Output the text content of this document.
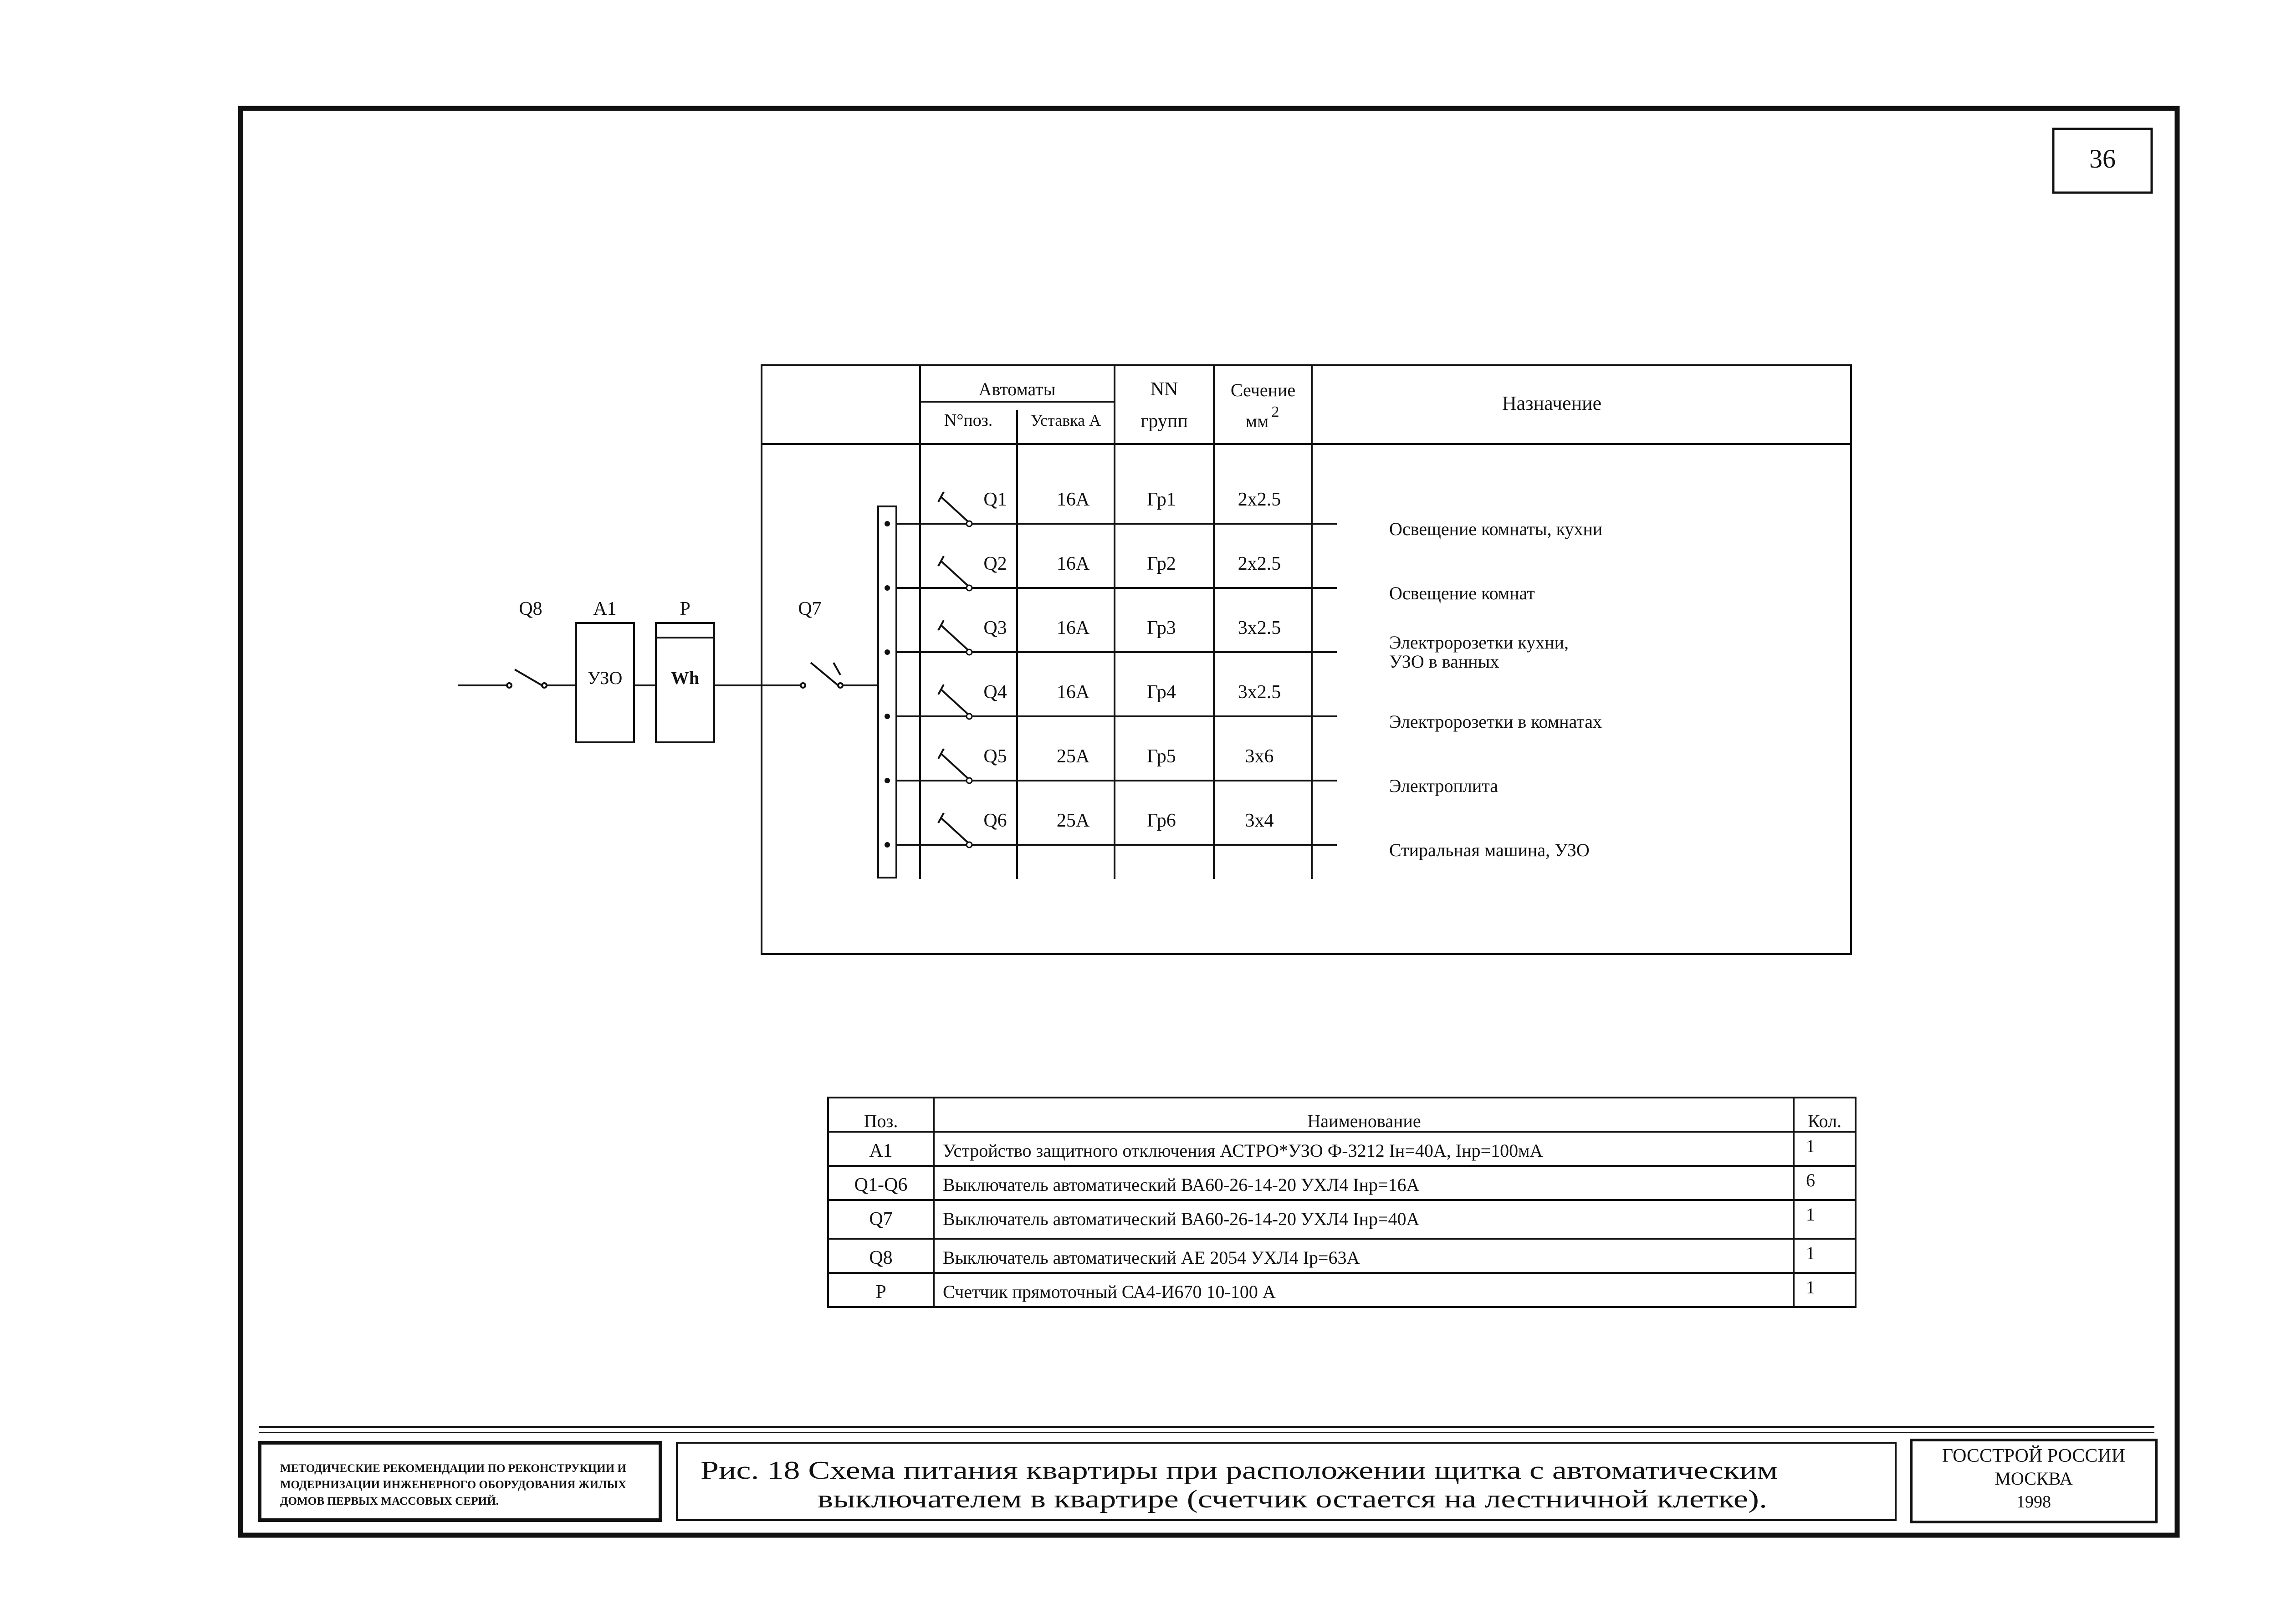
36
Автоматы
N°поз. Уставка А
NN
групп
Сечение
мм 2	Назначение
Q8	A1	P	Q7
УЗО	Wh
Q1	16А	Гр1	2х2.5
Освещение комнаты, кухни
Q2	16А	Гр2	2х2.5
Освещение комнат
Q3	16А	Гр3	3х2.5
Электророзетки кухни,
УЗО в ванных
Q4	16А	Гр4	3х2.5
Электророзетки в комнатах
Q5	25А	Гр5	3х6
Электроплита
Q6	25А	Гр6	3х4
Стиральная машина, УЗО
Поз.	Наименование	Кол.
A1	Устройство защитного отключения АСТРО*УЗО Ф-3212 Iн=40А, Iнр=100мА	1
Q1-Q6 Выключатель автоматический ВА60-26-14-20 УХЛ4 Iнр=16А	6
Q7	Выключатель автоматический ВА60-26-14-20 УХЛ4 Iнр=40А	1
Q8	Выключатель автоматический АЕ 2054 УХЛ4 Iр=63А	1
P	Счетчик прямоточный СА4-И670 10-100 А	1
МЕТОДИЧЕСКИЕ РЕКОМЕНДАЦИИ ПО РЕКОНСТРУКЦИИ И
МОДЕРНИЗАЦИИ ИНЖЕНЕРНОГО ОБОРУДОВАНИЯ ЖИЛЫХ
ДОМОВ ПЕРВЫХ МАССОВЫХ СЕРИЙ.
Рис. 18 Схема питания квартиры при расположении щитка с автоматическим
выключателем в квартире (счетчик остается на лестничной клетке).
ГОССТРОЙ РОССИИ
МОСКВА
1998
